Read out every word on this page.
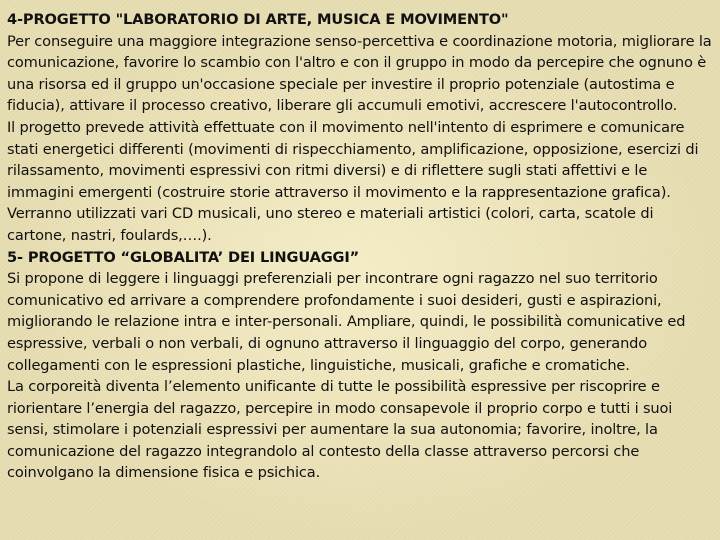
4-PROGETTO "LABORATORIO DI ARTE, MUSICA E MOVIMENTO"

Per conseguire una maggiore integrazione senso-percettiva e coordinazione motoria, migliorare la comunicazione, favorire lo scambio con l'altro e con il gruppo in modo da percepire che ognuno è una risorsa ed il gruppo un'occasione speciale per investire il proprio potenziale (autostima e fiducia), attivare il processo creativo, liberare gli accumuli emotivi, accrescere l'autocontrollo.

Il progetto prevede attività effettuate con il movimento nell'intento di esprimere e comunicare stati energetici differenti (movimenti di rispecchiamento, amplificazione, opposizione, esercizi di rilassamento, movimenti espressivi con ritmi diversi) e di riflettere sugli stati affettivi e le immagini emergenti (costruire storie attraverso il movimento e la rappresentazione grafica). Verranno utilizzati vari CD musicali, uno stereo e materiali artistici (colori, carta, scatole di cartone, nastri, foulards,….).

5- PROGETTO “GLOBALITA’ DEI LINGUAGGI”

Si propone di leggere i linguaggi preferenziali per incontrare ogni ragazzo nel suo territorio comunicativo ed arrivare a comprendere profondamente i suoi desideri, gusti e aspirazioni, migliorando le relazione intra e inter-personali. Ampliare, quindi, le possibilità comunicative ed espressive, verbali o non verbali, di ognuno attraverso il linguaggio del corpo, generando collegamenti con le espressioni plastiche, linguistiche, musicali, grafiche e cromatiche.

La corporeità diventa l’elemento unificante di tutte le possibilità espressive per riscoprire e riorientare l’energia del ragazzo, percepire in modo consapevole il proprio corpo e tutti i suoi sensi, stimolare i potenziali espressivi per aumentare la sua autonomia; favorire, inoltre, la comunicazione del ragazzo integrandolo al contesto della classe attraverso percorsi che coinvolgano la dimensione fisica e psichica.
